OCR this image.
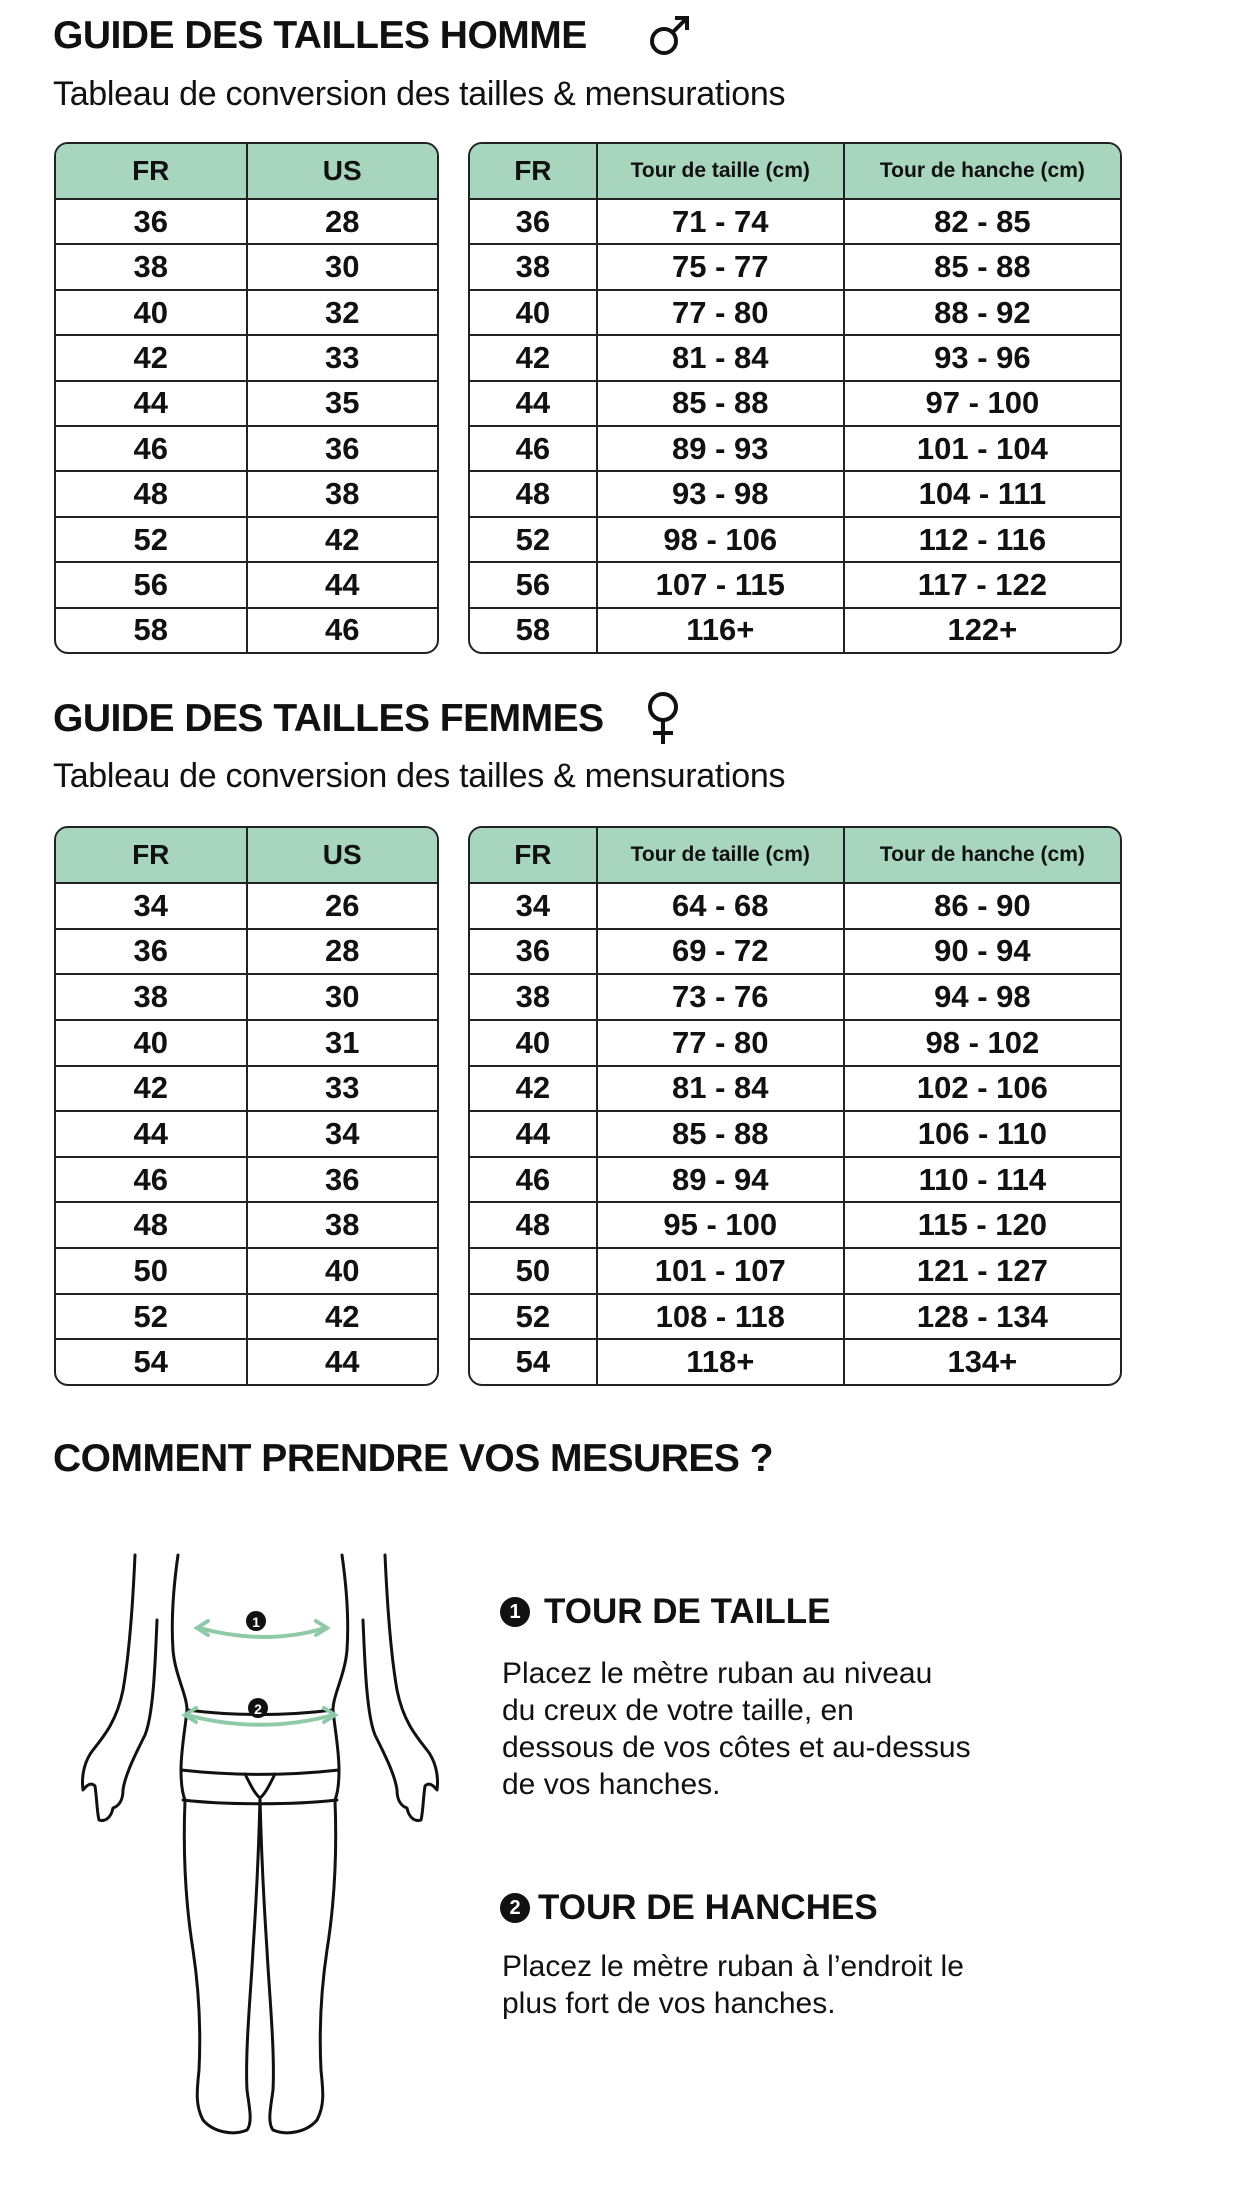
GUIDE DES TAILLES HOMME
Tableau de conversion des tailles & mensurations
FR	US
36	28
38	30
40	32
42	33
44	35
46	36
48	38
52	42
56	44
58	46
FR	Tour de taille (cm)	Tour de hanche (cm)
36	71 - 74	82 - 85
38	75 - 77	85 - 88
40	77 - 80	88 - 92
42	81 - 84	93 - 96
44	85 - 88	97 - 100
46	89 - 93	101 - 104
48	93 - 98	104 - 111
52	98 - 106	112 - 116
56	107 - 115	117 - 122
58	116+	122+
GUIDE DES TAILLES FEMMES
Tableau de conversion des tailles & mensurations
FR	US
34	26
36	28
38	30
40	31
42	33
44	34
46	36
48	38
50	40
52	42
54	44
FR	Tour de taille (cm)	Tour de hanche (cm)
34	64 - 68	86 - 90
36	69 - 72	90 - 94
38	73 - 76	94 - 98
40	77 - 80	98 - 102
42	81 - 84	102 - 106
44	85 - 88	106 - 110
46	89 - 94	110 - 114
48	95 - 100	115 - 120
50	101 - 107	121 - 127
52	108 - 118	128 - 134
54	118+	134+
COMMENT PRENDRE VOS MESURES ?
1
2
1 TOUR DE TAILLE
Placez le mètre ruban au niveau
du creux de votre taille, en
dessous de vos côtes et au-dessus
de vos hanches.
2 TOUR DE HANCHES
Placez le mètre ruban à l’endroit le
plus fort de vos hanches.
